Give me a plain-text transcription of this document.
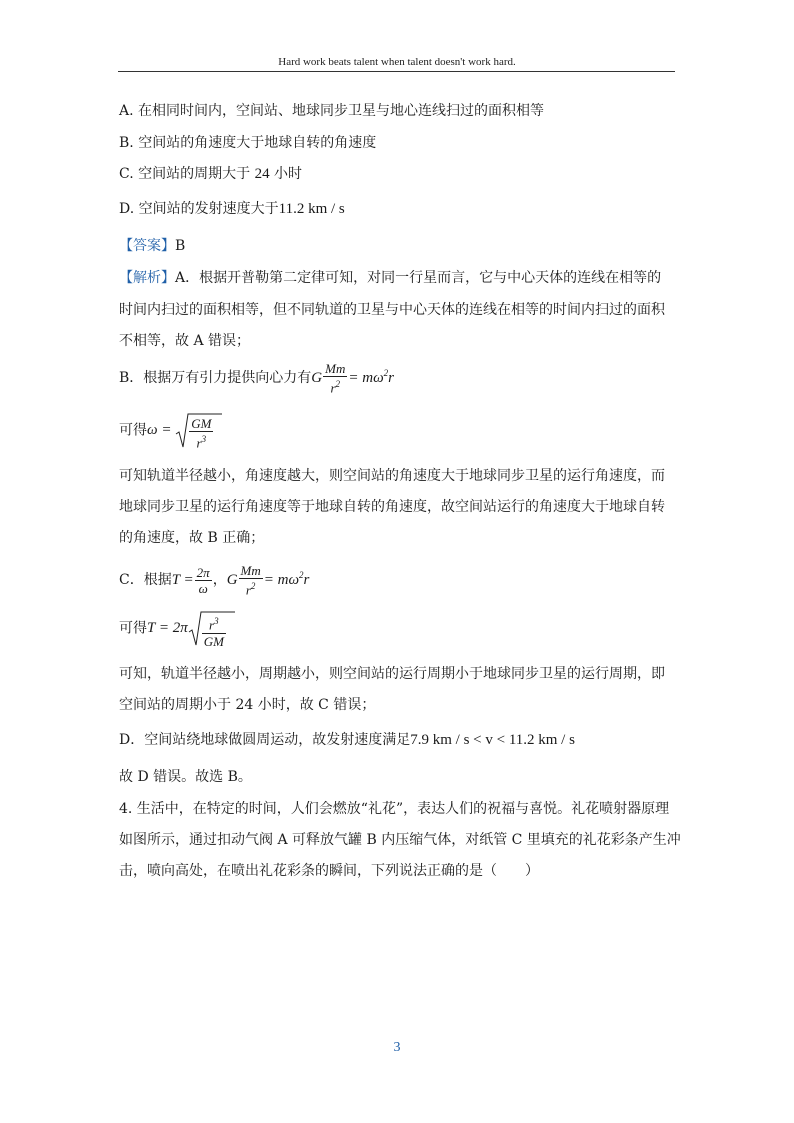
Hard work beats talent when talent doesn't work hard.
A. 在相同时间内，空间站、地球同步卫星与地心连线扫过的面积相等
B. 空间站的角速度大于地球自转的角速度
C. 空间站的周期大于 24 小时
D. 空间站的发射速度大于11.2 km / s
【答案】B
【解析】A．根据开普勒第二定律可知，对同一行星而言，它与中心天体的连线在相等的
时间内扫过的面积相等，但不同轨道的卫星与中心天体的连线在相等的时间内扫过的面积
不相等，故 A 错误；
B．根据万有引力提供向心力有G $\frac{Mm}{r^2} = m\omega^2r$
可得$\omega = \frac{GM}{r^3}$
可知轨道半径越小，角速度越大，则空间站的角速度大于地球同步卫星的运行角速度，而
地球同步卫星的运行角速度等于地球自转的角速度，故空间站运行的角速度大于地球自转
的角速度，故 B 正确；
C．根据$T = \frac{2\pi}{\omega}$ ，G $\frac{Mm}{r^2} = m\omega^2r$
可得$T = 2\pi \frac{r^3}{GM}$
可知，轨道半径越小，周期越小，则空间站的运行周期小于地球同步卫星的运行周期，即
空间站的周期小于 24 小时，故 C 错误；
D．空间站绕地球做圆周运动，故发射速度满足7.9 km / s < v < 11.2 km / s
故 D 错误。故选 B。
4. 生活中，在特定的时间，人们会燃放“礼花”，表达人们的祝福与喜悦。礼花喷射器原理
如图所示，通过扣动气阀 A 可释放气罐 B 内压缩气体，对纸管 C 里填充的礼花彩条产生冲
击，喷向高处，在喷出礼花彩条的瞬间，下列说法正确的是（　　）
3
